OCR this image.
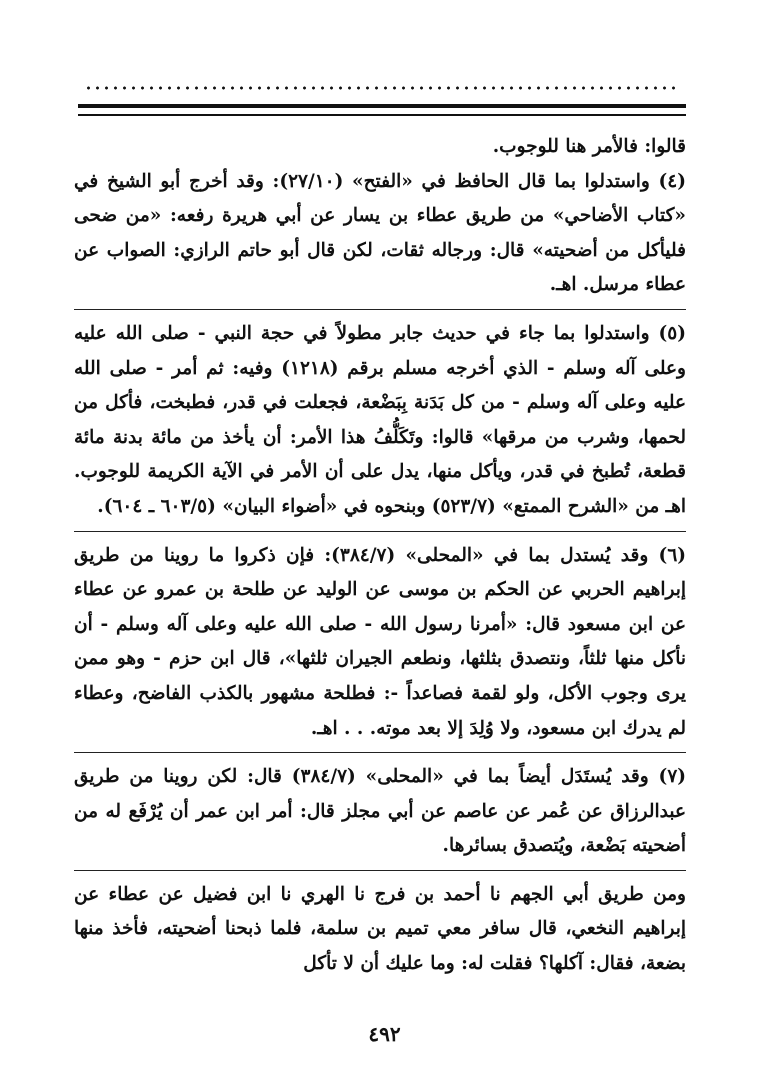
قالوا: فالأمر هنا للوجوب.

(٤) واستدلوا بما قال الحافظ في «الفتح» (٢٧/١٠): وقد أخرج أبو الشيخ في «كتاب الأضاحي» من طريق عطاء بن يسار عن أبي هريرة رفعه: «من ضحى فليأكل من أضحيته» قال: ورجاله ثقات، لكن قال أبو حاتم الرازي: الصواب عن عطاء مرسل. اهـ.

(٥) واستدلوا بما جاء في حديث جابر مطولاً في حجة النبي - صلى الله عليه وعلى آله وسلم - الذي أخرجه مسلم برقم (١٢١٨) وفيه: ثم أمر - صلى الله عليه وعلى آله وسلم - من كل بَدَنة بِبَضْعة، فجعلت في قدر، فطبخت، فأكل من لحمها، وشرب من مرقها» قالوا: وتَكَلُّفُ هذا الأمر: أن يأخذ من مائة بدنة مائة قطعة، تُطبخ في قدر، ويأكل منها، يدل على أن الأمر في الآية الكريمة للوجوب. اهـ من «الشرح الممتع» (٥٢٣/٧) وبنحوه في «أضواء البيان» (٦٠٣/٥ ـ ٦٠٤).

(٦) وقد يُستدل بما في «المحلى» (٣٨٤/٧): فإن ذكروا ما روينا من طريق إبراهيم الحربي عن الحكم بن موسى عن الوليد عن طلحة بن عمرو عن عطاء عن ابن مسعود قال: «أمرنا رسول الله - صلى الله عليه وعلى آله وسلم - أن نأكل منها ثلثاً، ونتصدق بثلثها، ونطعم الجيران ثلثها»، قال ابن حزم - وهو ممن يرى وجوب الأكل، ولو لقمة فصاعداً -: فطلحة مشهور بالكذب الفاضح، وعطاء لم يدرك ابن مسعود، ولا وُلِدَ إلا بعد موته. . . اهـ.

(٧) وقد يُستَدَل أيضاً بما في «المحلى» (٣٨٤/٧) قال: لكن روينا من طريق عبدالرزاق عن عُمر عن عاصم عن أبي مجلز قال: أمر ابن عمر أن يُرْفَع له من أضحيته بَضْعة، ويُتصدق بسائرها.

ومن طريق أبي الجهم نا أحمد بن فرج نا الهري نا ابن فضيل عن عطاء عن إبراهيم النخعي، قال سافر معي تميم بن سلمة، فلما ذبحنا أضحيته، فأخذ منها بضعة، فقال: آكلها؟ فقلت له: وما عليك أن لا تأكل

٤٩٢
